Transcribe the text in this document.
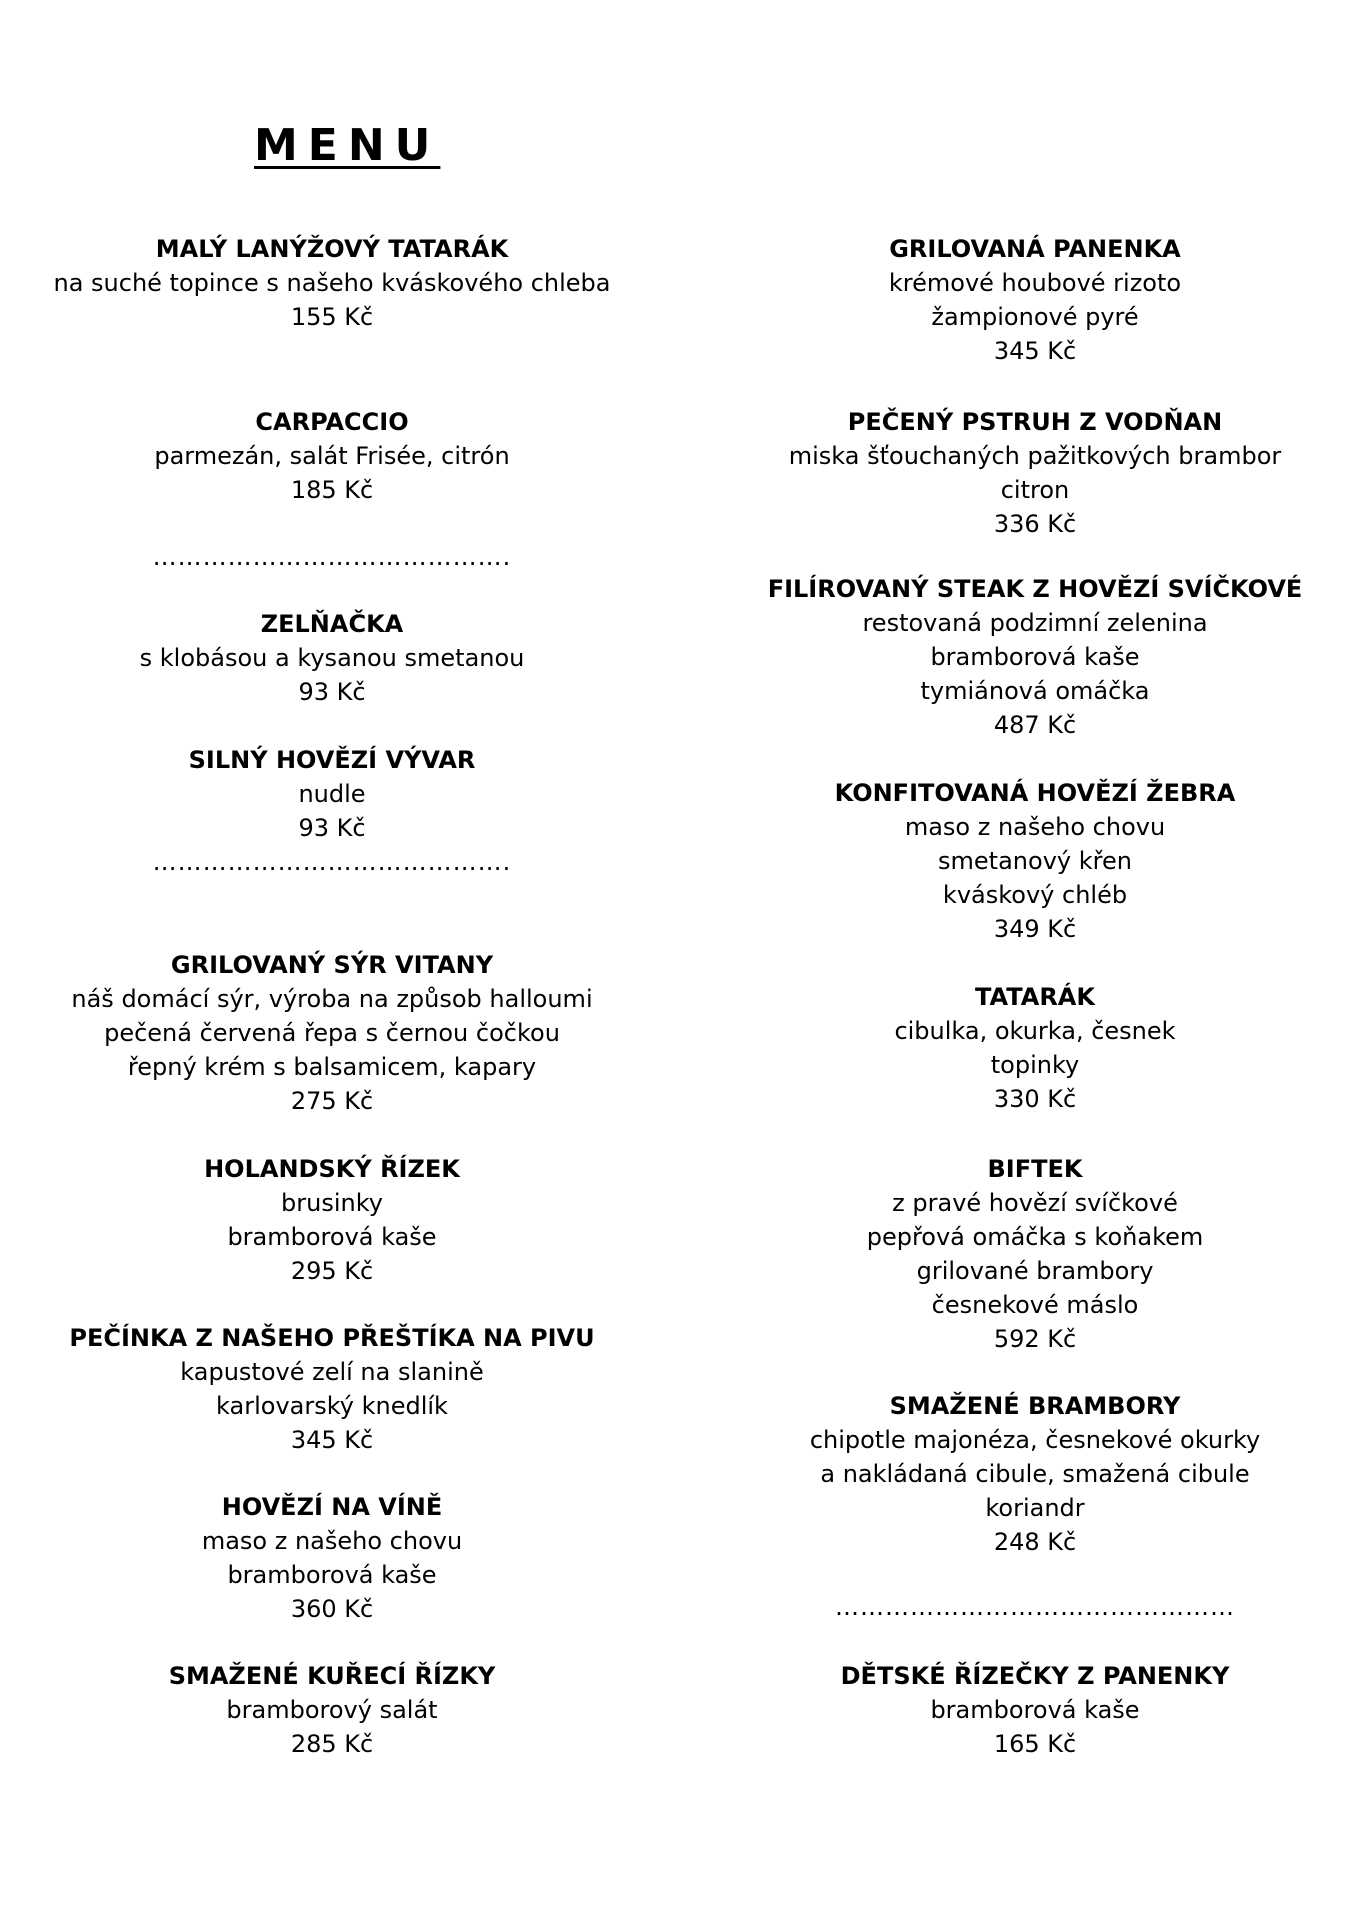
MENU
MALÝ LANÝŽOVÝ TATARÁK
na suché topince s našeho kváskového chleba
155 Kč
CARPACCIO
parmezán, salát Frisée, citrón
185 Kč
…………………………………….
ZELŇAČKA
s klobásou a kysanou smetanou
93 Kč
SILNÝ HOVĚZÍ VÝVAR
nudle
93 Kč
…………………………………….
GRILOVANÝ SÝR VITANY
náš domácí sýr, výroba na způsob halloumi
pečená červená řepa s černou čočkou
řepný krém s balsamicem, kapary
275 Kč
HOLANDSKÝ ŘÍZEK
brusinky
bramborová kaše
295 Kč
PEČÍNKA Z NAŠEHO PŘEŠTÍKA NA PIVU
kapustové zelí na slanině
karlovarský knedlík
345 Kč
HOVĚZÍ NA VÍNĚ
maso z našeho chovu
bramborová kaše
360 Kč
SMAŽENÉ KUŘECÍ ŘÍZKY
bramborový salát
285 Kč
GRILOVANÁ PANENKA
krémové houbové rizoto
žampionové pyré
345 Kč
PEČENÝ PSTRUH Z VODŇAN
miska šťouchaných pažitkových brambor
citron
336 Kč
FILÍROVANÝ STEAK Z HOVĚZÍ SVÍČKOVÉ
restovaná podzimní zelenina
bramborová kaše
tymiánová omáčka
487 Kč
KONFITOVANÁ HOVĚZÍ ŽEBRA
maso z našeho chovu
smetanový křen
kváskový chléb
349 Kč
TATARÁK
cibulka, okurka, česnek
topinky
330 Kč
BIFTEK
z pravé hovězí svíčkové
pepřová omáčka s koňakem
grilované brambory
česnekové máslo
592 Kč
SMAŽENÉ BRAMBORY
chipotle majonéza, česnekové okurky
a nakládaná cibule, smažená cibule
koriandr
248 Kč
…………………………………………
DĚTSKÉ ŘÍZEČKY Z PANENKY
bramborová kaše
165 Kč
